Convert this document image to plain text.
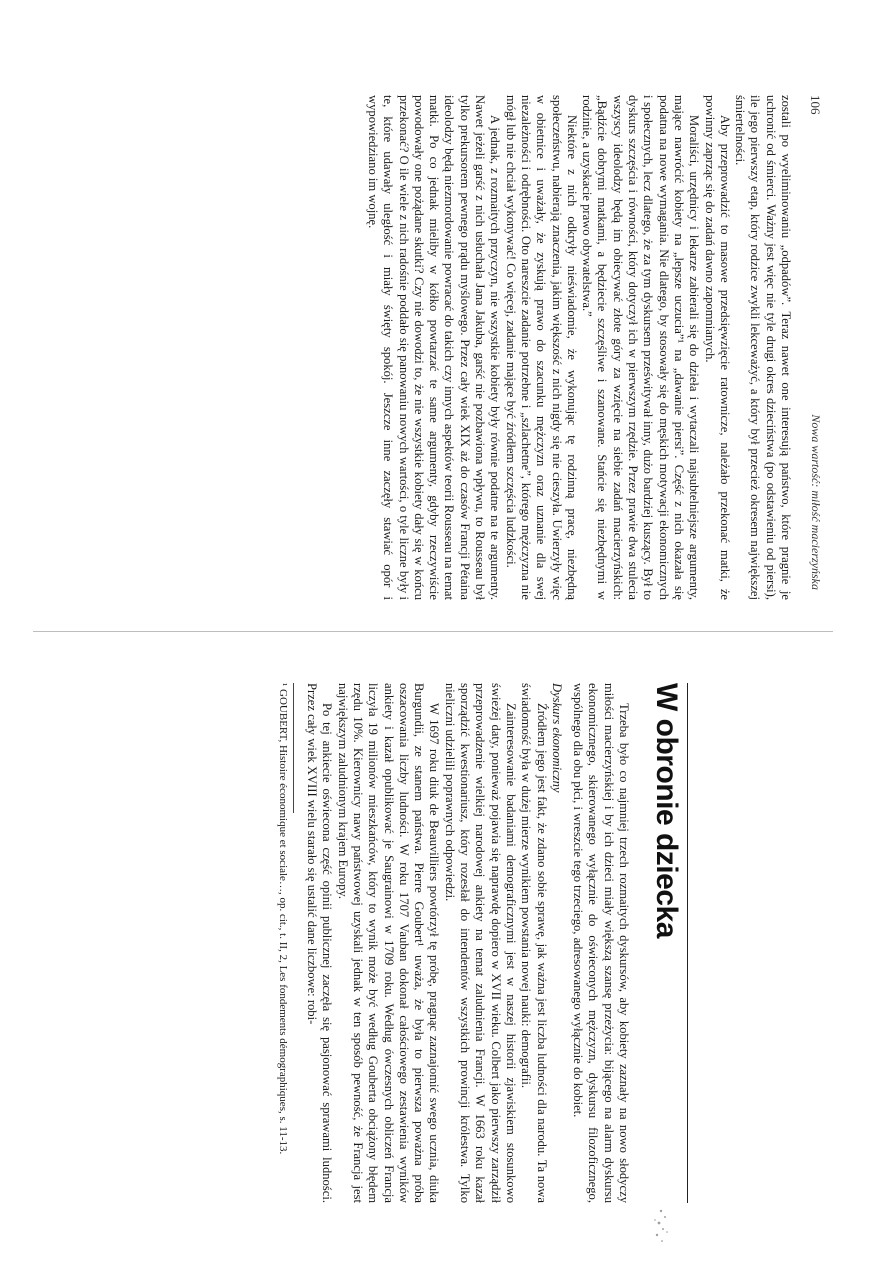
106
Nowa wartość: miłość macierzyńska

zostali po wyeliminowaniu „odpadów”. Teraz nawet one interesują państwo, które pragnie je uchronić od śmierci. Ważny jest więc nie tyle drugi okres dzieciństwa (po odstawieniu od piersi), ile jego pierwszy etap, który rodzice zwykli lekceważyć, a który był przecież okresem największej śmiertelności.

Aby przeprowadzić to masowe przedsięwzięcie ratownicze, należało przekonać matki, że powinny zaprząc się do zadań dawno zapomnianych.

Moraliści, urzędnicy i lekarze zabierali się do dzieła i wytaczali najsubtelniejsze argumenty, mające nawrócić kobiety na „lepsze uczucia”¹ na „dawanie piersi”. Część z nich okazała się podatna na nowe wymagania. Nie dlatego, by stosowały się do męskich motywacji ekonomicznych i społecznych, lecz dlatego, że za tym dyskursem prześwitywał inny, dużo bardziej kuszący. Był to dyskurs szczęścia i równości, który dotyczył ich w pierwszym rzędzie. Przez prawie dwa stulecia wszyscy ideolodzy będą im obiecywać złote góry za wzięcie na siebie zadań macierzyńskich: „Bądźcie dobrymi matkami, a będziecie szczęśliwe i szanowane. Stańcie się niezbędnymi w rodzinie, a uzyskacie prawo obywatelstwa.”

Niektóre z nich odkryły nieświadomie, że wykonując tę rodzinną pracę, niezbędną społeczeństwu, nabierają znaczenia, jakim większość z nich nigdy się nie cieszyła. Uwierzyły więc w obietnice i uważały, że zyskują prawo do szacunku mężczyzn oraz uznanie dla swej niezależności i odrębności. Oto nareszcie zadanie potrzebne i „szlachetne”, którego mężczyzna nie mógł lub nie chciał wykonywać! Co więcej, zadanie mające być źródłem szczęścia ludzkości.

A jednak, z rozmaitych przyczyn, nie wszystkie kobiety były równie podatne na te argumenty. Nawet jeżeli garść z nich usłuchała Jana Jakuba, garść nie pozbawiona wpływu, to Rousseau był tylko prekursorem pewnego prądu myślowego. Przez cały wiek XIX aż do czasów Francji Pétaina ideolodzy będą niezmordowanie powracać do takich czy innych aspektów teorii Rousseau na temat matki. Po co jednak mieliby w kółko powtarzać te same argumenty, gdyby rzeczywiście powodowały one pożądane skutki? Czy nie dowodzi to, że nie wszystkie kobiety dały się w końcu przekonać? O ile wiele z nich radośnie poddało się panowaniu nowych wartości, o tyle liczne były i te, które udawały uległość i miały święty spokój. Jeszcze inne zaczęły stawiać opór i wypowiedziano im wojnę.

W obronie dziecka

Trzeba było co najmniej trzech rozmaitych dyskursów, aby kobiety zaznały na nowo słodyczy miłości macierzyńskiej i by ich dzieci miały większą szansę przeżycia: bijącego na alarm dyskursu ekonomicznego, skierowanego wyłącznie do oświeconych mężczyzn, dyskursu filozoficznego, wspólnego dla obu płci, i wreszcie tego trzeciego, adresowanego wyłącznie do kobiet.

Dyskurs ekonomiczny

Źródłem jego jest fakt, że zdano sobie sprawę, jak ważna jest liczba ludności dla narodu. Ta nowa świadomość była w dużej mierze wynikiem powstania nowej nauki: demografii.

Zainteresowanie badaniami demograficznymi jest w naszej historii zjawiskiem stosunkowo świeżej daty, ponieważ pojawia się naprawdę dopiero w XVII wieku. Colbert jako pierwszy zarządził przeprowadzenie wielkiej narodowej ankiety na temat zaludnienia Francji. W 1663 roku kazał sporządzić kwestionariusz, który rozesłał do intendentów wszystkich prowincji królestwa. Tylko nieliczni udzielili poprawnych odpowiedzi.

W 1697 roku diuk de Beauvilliers powtórzył tę próbę, pragnąc zaznajomić swego ucznia, diuka Burgundii, ze stanem państwa. Pierre Goubert¹ uważa, że była to pierwsza poważna próba oszacowania liczby ludności. W roku 1707 Vauban dokonał całościowego zestawienia wyników ankiety i kazał opublikować je Saugrainowi w 1709 roku. Według ówczesnych obliczeń Francja liczyła 19 milionów mieszkańców, który to wynik może być według Gouberta obciążony błędem rzędu 10%. Kierownicy nawy państwowej uzyskali jednak w ten sposób pewność, że Francja jest największym zaludnionym krajem Europy.

Po tej ankiecie oświecona część opinii publicznej zaczęła się pasjonować sprawami ludności. Przez cały wiek XVIII wielu starało się ustalić dane liczbowe: robi-

¹ GOUBERT, Histoire économique et sociale…, op. cit., t. II, 2, Les fondements démographiques, s. 11-13.
